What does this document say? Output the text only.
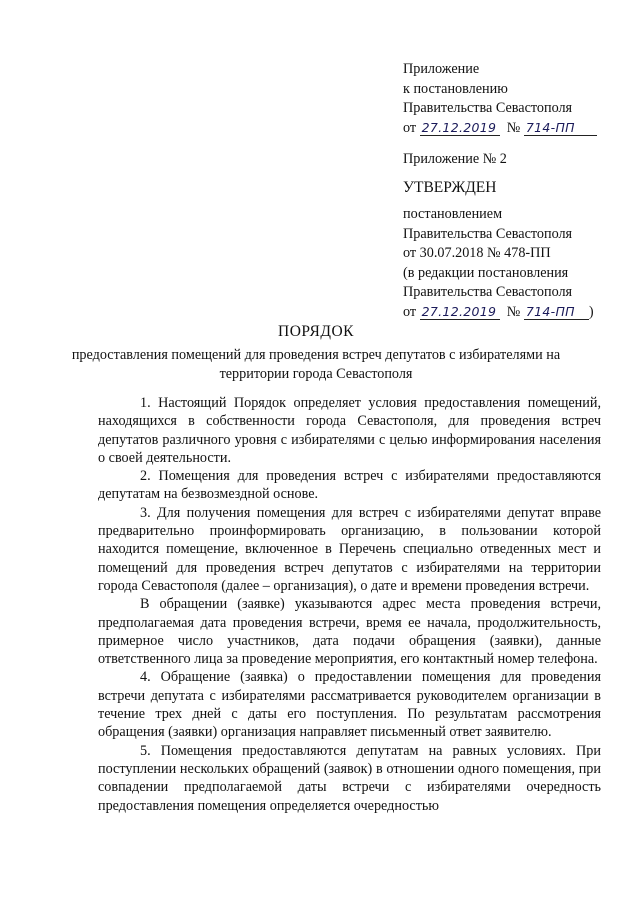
Приложение
к постановлению
Правительства Севастополя
от 27.12.2019 № 714-ПП
Приложение № 2
УТВЕРЖДЕН
постановлением
Правительства Севастополя
от 30.07.2018 № 478-ПП
(в редакции постановления
Правительства Севастополя
от 27.12.2019 № 714-ПП )
ПОРЯДОК
предоставления помещений для проведения встреч депутатов с избирателями на территории города Севастополя

1. Настоящий Порядок определяет условия предоставления помещений, находящихся в собственности города Севастополя, для проведения встреч депутатов различного уровня с избирателями с целью информирования населения о своей деятельности.

2. Помещения для проведения встреч с избирателями предоставляются депутатам на безвозмездной основе.

3. Для получения помещения для встреч с избирателями депутат вправе предварительно проинформировать организацию, в пользовании которой находится помещение, включенное в Перечень специально отведенных мест и помещений для проведения встреч депутатов с избирателями на территории города Севастополя (далее – организация), о дате и времени проведения встречи.

В обращении (заявке) указываются адрес места проведения встречи, предполагаемая дата проведения встречи, время ее начала, продолжительность, примерное число участников, дата подачи обращения (заявки), данные ответственного лица за проведение мероприятия, его контактный номер телефона.

4. Обращение (заявка) о предоставлении помещения для проведения встречи депутата с избирателями рассматривается руководителем организации в течение трех дней с даты его поступления. По результатам рассмотрения обращения (заявки) организация направляет письменный ответ заявителю.

5. Помещения предоставляются депутатам на равных условиях. При поступлении нескольких обращений (заявок) в отношении одного помещения, при совпадении предполагаемой даты встречи с избирателями очередность предоставления помещения определяется очередностью
